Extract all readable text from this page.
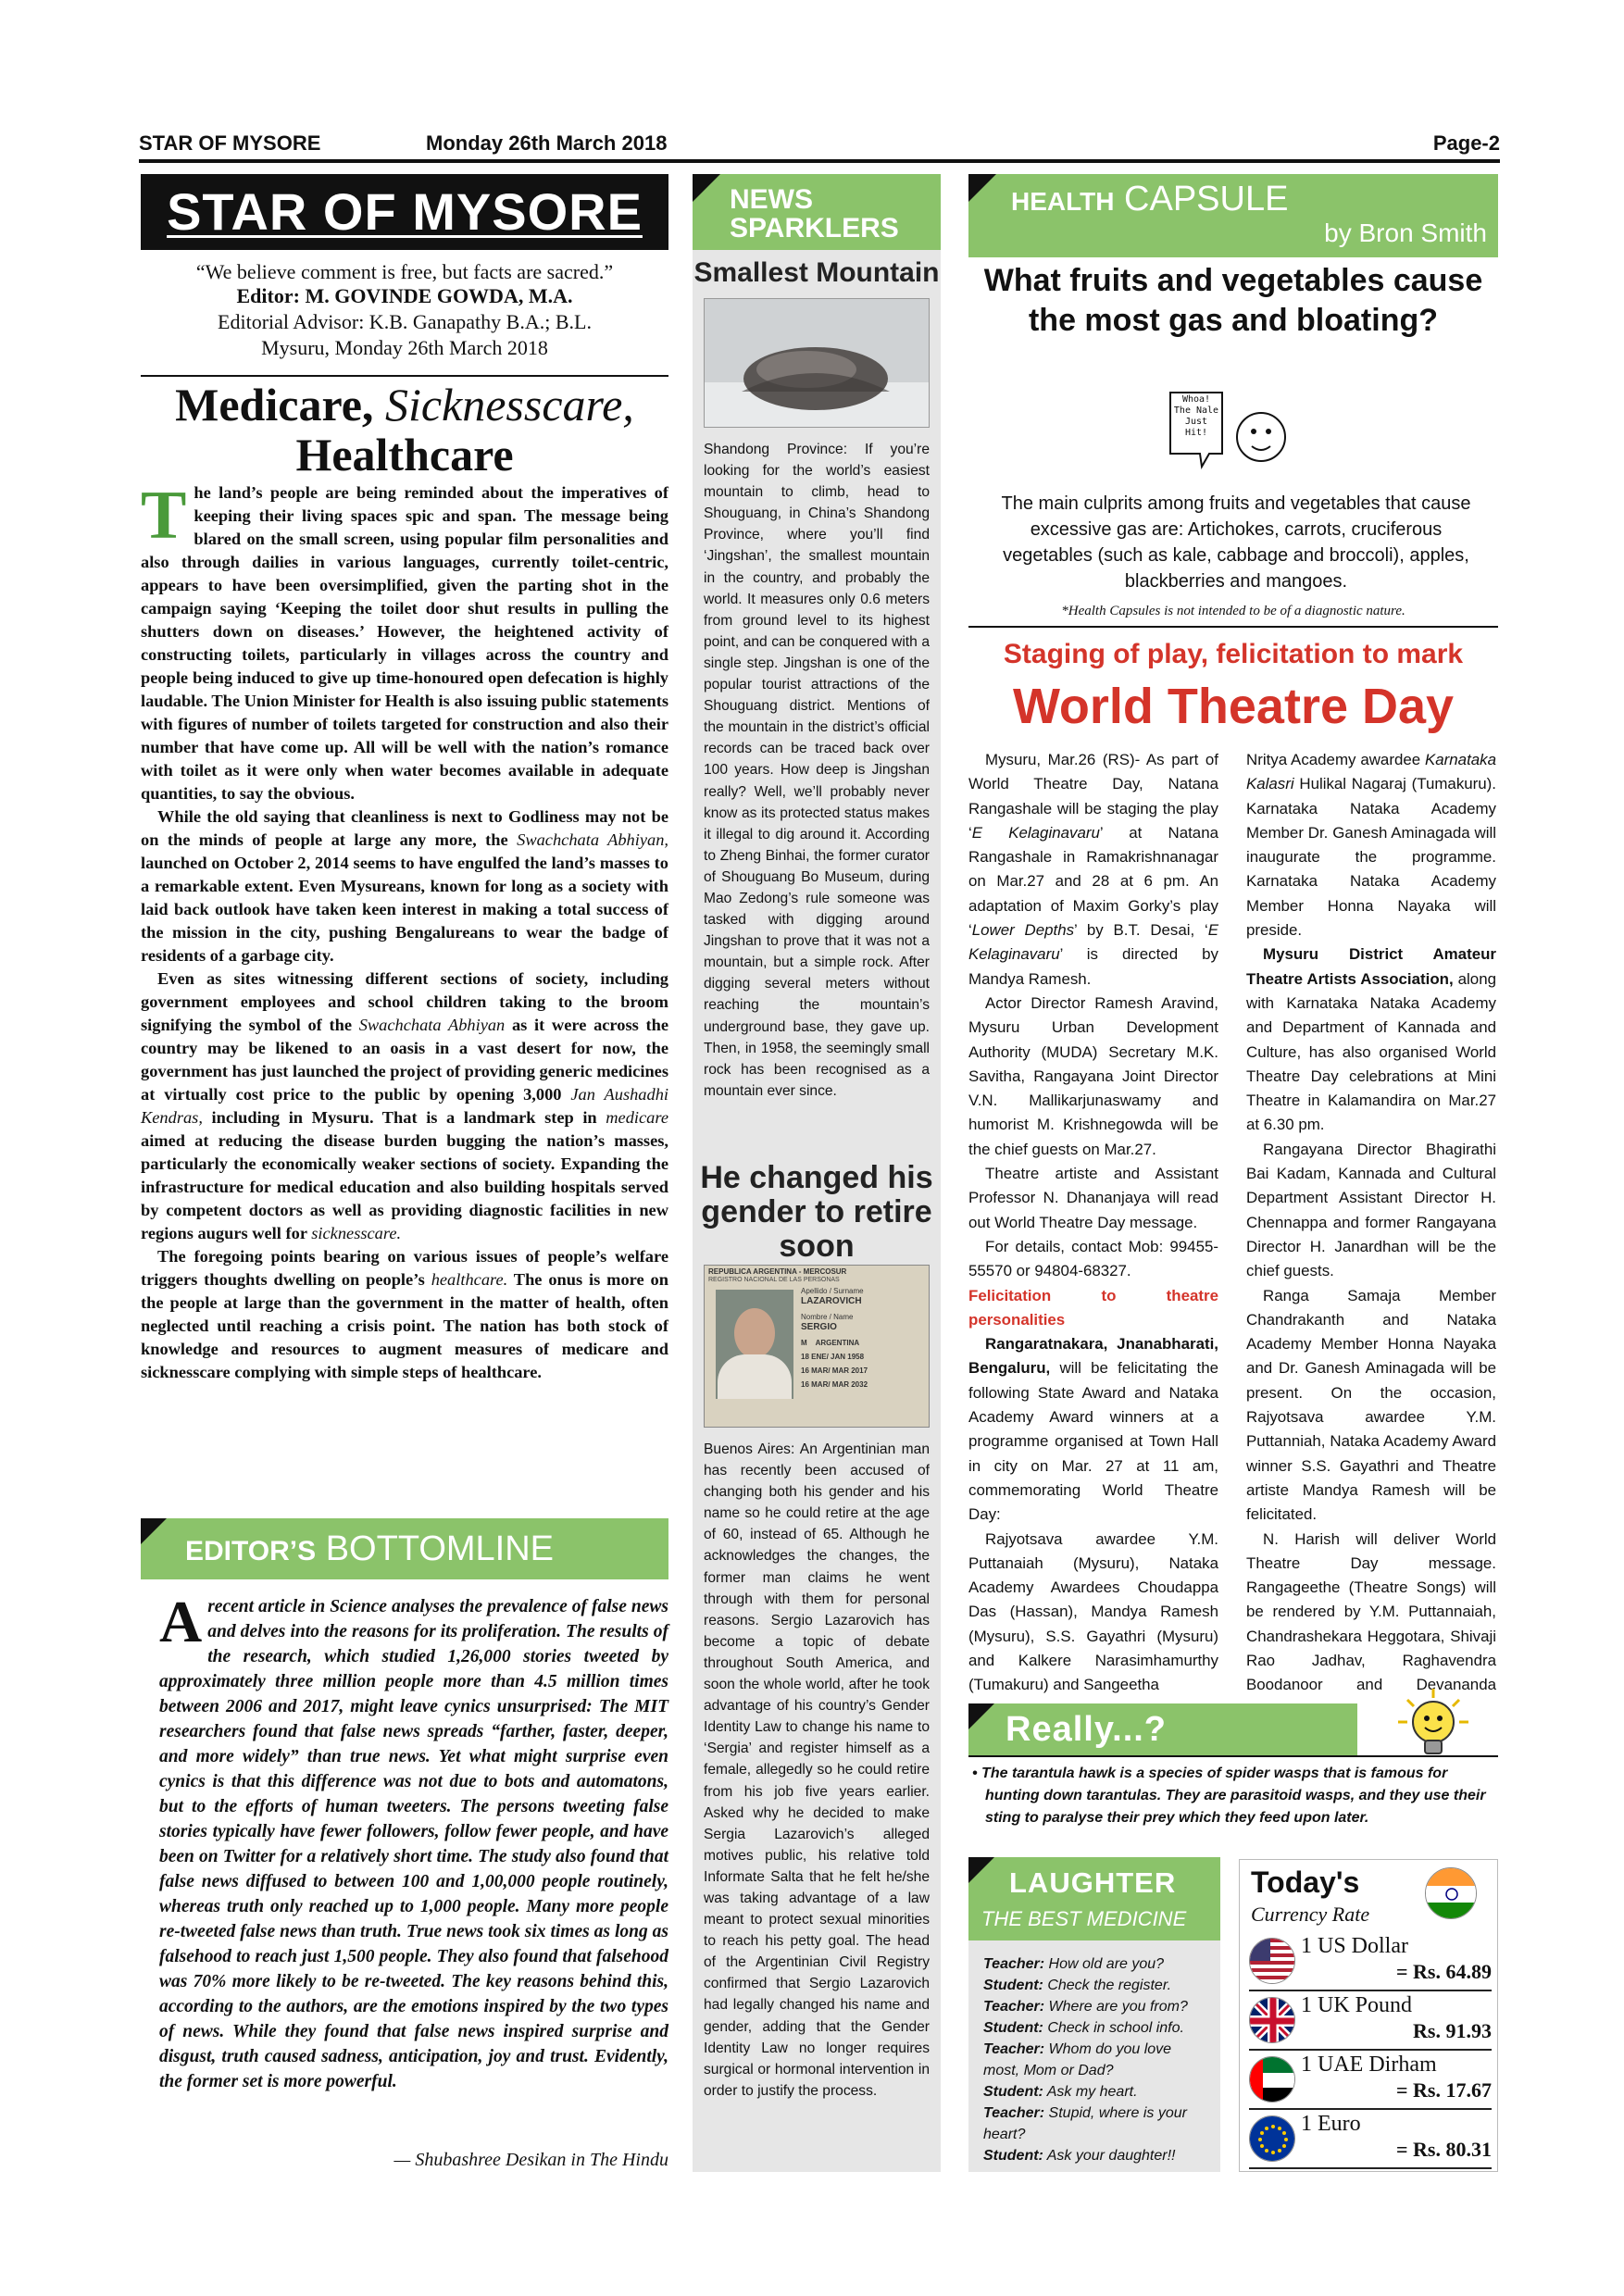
STAR OF MYSORE	Monday 26th March 2018	Page-2
STAR OF MYSORE
“We believe comment is free, but facts are sacred.”
Editor: M. GOVINDE GOWDA, M.A.
Editorial Advisor: K.B. Ganapathy B.A.; B.L.
Mysuru, Monday 26th March 2018
Medicare, Sicknesscare,
Healthcare

The land’s people are being reminded about the imperatives of keeping their living spaces spic and span. The message being blared on the small screen, using popular film personalities and also through dailies in various languages, currently toilet-centric, appears to have been oversimplified, given the parting shot in the campaign saying ‘Keeping the toilet door shut results in pulling the shutters down on diseases.’ However, the heightened activity of constructing toilets, particularly in villages across the country and people being induced to give up time-honoured open defecation is highly laudable. The Union Minister for Health is also issuing public statements with figures of number of toilets targeted for construction and also their number that have come up. All will be well with the nation’s romance with toilet as it were only when water becomes available in adequate quantities, to say the obvious.

While the old saying that cleanliness is next to Godliness may not be on the minds of people at large any more, the Swachchata Abhiyan, launched on October 2, 2014 seems to have engulfed the land’s masses to a remarkable extent. Even Mysureans, known for long as a society with laid back outlook have taken keen interest in making a total success of the mission in the city, pushing Bengalureans to wear the badge of residents of a garbage city.

Even as sites witnessing different sections of society, including government employees and school children taking to the broom signifying the symbol of the Swachchata Abhiyan as it were across the country may be likened to an oasis in a vast desert for now, the government has just launched the project of providing generic medicines at virtually cost price to the public by opening 3,000 Jan Aushadhi Kendras, including in Mysuru. That is a landmark step in medicare aimed at reducing the disease burden bugging the nation’s masses, particularly the economically weaker sections of society. Expanding the infrastructure for medical education and also building hospitals served by competent doctors as well as providing diagnostic facilities in new regions augurs well for sicknesscare.

The foregoing points bearing on various issues of people’s welfare triggers thoughts dwelling on people’s healthcare. The onus is more on the people at large than the government in the matter of health, often neglected until reaching a crisis point. The nation has both stock of knowledge and resources to augment measures of medicare and sicknesscare complying with simple steps of healthcare.

EDITOR’S BOTTOMLINE
A recent article in Science analyses the prevalence of false news and delves into the reasons for its proliferation. The results of the research, which studied 1,26,000 stories tweeted by approximately three million people more than 4.5 million times between 2006 and 2017, might leave cynics unsurprised: The MIT researchers found that false news spreads “farther, faster, deeper, and more widely” than true news. Yet what might surprise even cynics is that this difference was not due to bots and automatons, but to the efforts of human tweeters. The persons tweeting false stories typically have fewer followers, follow fewer people, and have been on Twitter for a relatively short time. The study also found that false news diffused to between 100 and 1,00,000 people routinely, whereas truth only reached up to 1,000 people. Many more people re-tweeted false news than truth. True news took six times as long as falsehood to reach just 1,500 people. They also found that falsehood was 70% more likely to be re-tweeted. The key reasons behind this, according to the authors, are the emotions inspired by the two types of news. While they found that false news inspired surprise and disgust, truth caused sadness, anticipation, joy and trust. Evidently, the former set is more powerful.
— Shubashree Desikan in The Hindu
NEWS
SPARKLERS
Smallest Mountain
Shandong Province: If you’re looking for the world’s easiest mountain to climb, head to Shouguang, in China’s Shandong Province, where you’ll find ‘Jingshan’, the smallest mountain in the country, and probably the world. It measures only 0.6 meters from ground level to its highest point, and can be conquered with a single step. Jingshan is one of the popular tourist attractions of the Shouguang district. Mentions of the mountain in the district’s official records can be traced back over 100 years. How deep is Jingshan really? Well, we’ll probably never know as its protected status makes it illegal to dig around it. According to Zheng Binhai, the former curator of Shouguang Bo Museum, during Mao Zedong’s rule someone was tasked with digging around Jingshan to prove that it was not a mountain, but a simple rock. After digging several meters without reaching the mountain’s underground base, they gave up. Then, in 1958, the seemingly small rock has been recognised as a mountain ever since.
He changed his gender to retire soon
REPUBLICA ARGENTINA - MERCOSUR
REGISTRO NACIONAL DE LAS PERSONAS
Apellido / Surname
LAZAROVICH
Nombre / Name
SERGIO
M ARGENTINA
18 ENE/ JAN 1958
16 MAR/ MAR 2017
16 MAR/ MAR 2032
Buenos Aires: An Argentinian man has recently been accused of changing both his gender and his name so he could retire at the age of 60, instead of 65. Although he acknowledges the changes, the former man claims he went through with them for personal reasons. Sergio Lazarovich has become a topic of debate throughout South America, and soon the whole world, after he took advantage of his country’s Gender Identity Law to change his name to ‘Sergia’ and register himself as a female, allegedly so he could retire from his job five years earlier. Asked why he decided to make Sergia Lazarovich’s alleged motives public, his relative told Informate Salta that he felt he/she was taking advantage of a law meant to protect sexual minorities to reach his petty goal. The head of the Argentinian Civil Registry confirmed that Sergio Lazarovich had legally changed his name and gender, adding that the Gender Identity Law no longer requires surgical or hormonal intervention in order to justify the process.
HEALTH CAPSULE
by Bron Smith
What fruits and vegetables cause the most gas and bloating?
Whoa! The Nale Just Hit!
The main culprits among fruits and vegetables that cause excessive gas are: Artichokes, carrots, cruciferous vegetables (such as kale, cabbage and broccoli), apples, blackberries and mangoes.
*Health Capsules is not intended to be of a diagnostic nature.
Staging of play, felicitation to mark
World Theatre Day

Mysuru, Mar.26 (RS)- As part of World Theatre Day, Natana Rangashale will be staging the play ‘E Kelaginavaru’ at Natana Rangashale in Ramakrishnanagar on Mar.27 and 28 at 6 pm. An adaptation of Maxim Gorky’s play ‘Lower Depths’ by B.T. Desai, ‘E Kelaginavaru’ is directed by Mandya Ramesh.

Actor Director Ramesh Aravind, Mysuru Urban Development Authority (MUDA) Secretary M.K. Savitha, Rangayana Joint Director V.N. Mallikarjunaswamy and humorist M. Krishnegowda will be the chief guests on Mar.27.

Theatre artiste and Assistant Professor N. Dhananjaya will read out World Theatre Day message.

For details, contact Mob: 99455-55570 or 94804-68327.

Felicitation to theatre personalities

Rangaratnakara, Jnanabharati, Bengaluru, will be felicitating the following State Award and Nataka Academy Award winners at a programme organised at Town Hall in city on Mar. 27 at 11 am, commemorating World Theatre Day:

Rajyotsava awardee Y.M. Puttanaiah (Mysuru), Nataka Academy Awardees Choudappa Das (Hassan), Mandya Ramesh (Mysuru), S.S. Gayathri (Mysuru) and Kalkere Narasimhamurthy (Tumakuru) and Sangeetha

Nritya Academy awardee Karnataka Kalasri Hulikal Nagaraj (Tumakuru). Karnataka Nataka Academy Member Dr. Ganesh Aminagada will inaugurate the programme. Karnataka Nataka Academy Member Honna Nayaka will preside.

Mysuru District Amateur Theatre Artists Association, along with Karnataka Nataka Academy and Department of Kannada and Culture, has also organised World Theatre Day celebrations at Mini Theatre in Kalamandira on Mar.27 at 6.30 pm.

Rangayana Director Bhagirathi Bai Kadam, Kannada and Cultural Department Assistant Director H. Chennappa and former Rangayana Director H. Janardhan will be the chief guests.

Ranga Samaja Member Chandrakanth and Nataka Academy Member Honna Nayaka and Dr. Ganesh Aminagada will be present. On the occasion, Rajyotsava awardee Y.M. Puttanniah, Nataka Academy Award winner S.S. Gayathri and Theatre artiste Mandya Ramesh will be felicitated.

N. Harish will deliver World Theatre Day message. Rangageethe (Theatre Songs) will be rendered by Y.M. Puttannaiah, Chandrashekara Heggotara, Shivaji Rao Jadhav, Raghavendra Boodanoor and Devananda

Really...?
• The tarantula hawk is a species of spider wasps that is famous for hunting down tarantulas. They are parasitoid wasps, and they use their sting to paralyse their prey which they feed upon later.
LAUGHTER
THE BEST MEDICINE
Teacher: How old are you?
Student: Check the register.
Teacher: Where are you from?
Student: Check in school info.
Teacher: Whom do you love most, Mom or Dad?
Student: Ask my heart.
Teacher: Stupid, where is your heart?
Student: Ask your daughter!!
Today's
Currency Rate
1 US Dollar
= Rs. 64.89
1 UK Pound
Rs. 91.93
1 UAE Dirham
= Rs. 17.67
1 Euro
= Rs. 80.31
